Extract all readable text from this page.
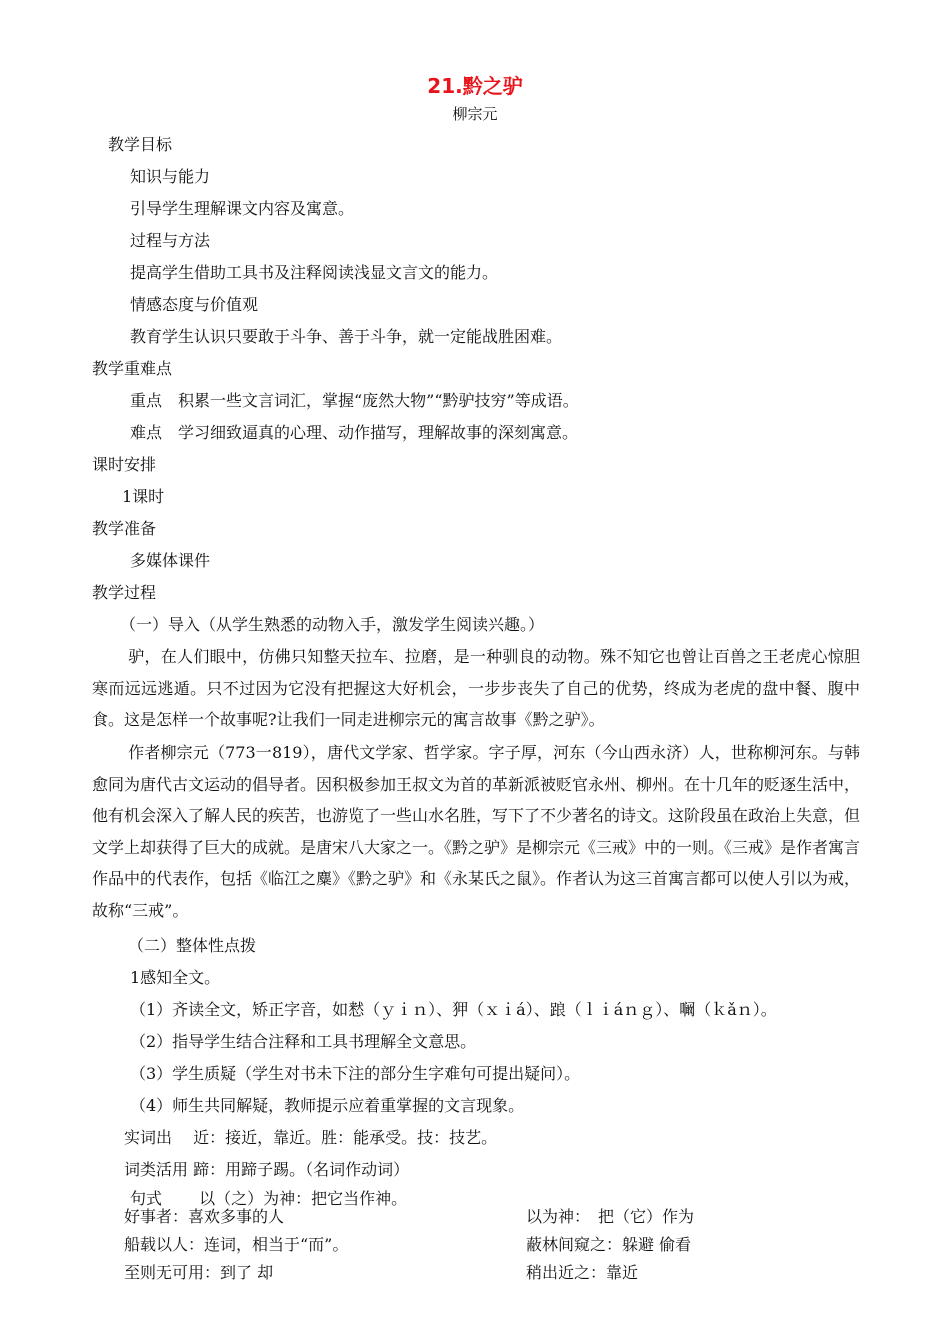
21.黔之驴
柳宗元
教学目标
知识与能力
引导学生理解课文内容及寓意。
过程与方法
提高学生借助工具书及注释阅读浅显文言文的能力。
情感态度与价值观
教育学生认识只要敢于斗争、善于斗争，就一定能战胜困难。
教学重难点
重点　积累一些文言词汇，掌握“庞然大物”“黔驴技穷”等成语。
难点　学习细致逼真的心理、动作描写，理解故事的深刻寓意。
课时安排
1课时
教学准备
多媒体课件
教学过程
（一）导入（从学生熟悉的动物入手，激发学生阅读兴趣。）
驴，在人们眼中，仿佛只知整天拉车、拉磨，是一种驯良的动物。殊不知它也曾让百兽之王老虎心惊胆寒而远远逃遁。只不过因为它没有把握这大好机会，一步步丧失了自己的优势，终成为老虎的盘中餐、腹中食。这是怎样一个故事呢?让我们一同走进柳宗元的寓言故事《黔之驴》。
作者柳宗元（773一819），唐代文学家、哲学家。字子厚，河东（今山西永济）人，世称柳河东。与韩愈同为唐代古文运动的倡导者。因积极参加王叔文为首的革新派被贬官永州、柳州。在十几年的贬逐生活中，他有机会深入了解人民的疾苦，也游览了一些山水名胜，写下了不少著名的诗文。这阶段虽在政治上失意，但文学上却获得了巨大的成就。是唐宋八大家之一。《黔之驴》是柳宗元《三戒》中的一则。《三戒》是作者寓言作品中的代表作，包括《临江之麋》《黔之驴》和《永某氏之鼠》。作者认为这三首寓言都可以使人引以为戒，故称“三戒”。
（二）整体性点拨
1感知全文。
（1）齐读全文，矫正字音，如慭（ｙｉｎ）、狎（ｘｉá）、踉（ｌｉáｎｇ）、㘎（ｋǎｎ）。
（2）指导学生结合注释和工具书理解全文意思。
（3）学生质疑（学生对书未下注的部分生字难句可提出疑问）。
（4）师生共同解疑，教师提示应着重掌握的文言现象。
实词出　 近：接近，靠近。胜：能承受。技：技艺。
词类活用 蹄：用蹄子踢。（名词作动词）
句式　　 以（之）为神：把它当作神。
好事者：喜欢多事的人	以为神：　把（它）作为
船载以人：连词，相当于“而”。	蔽林间窥之：躲避 偷看
至则无可用：到了 却	稍出近之：靠近
